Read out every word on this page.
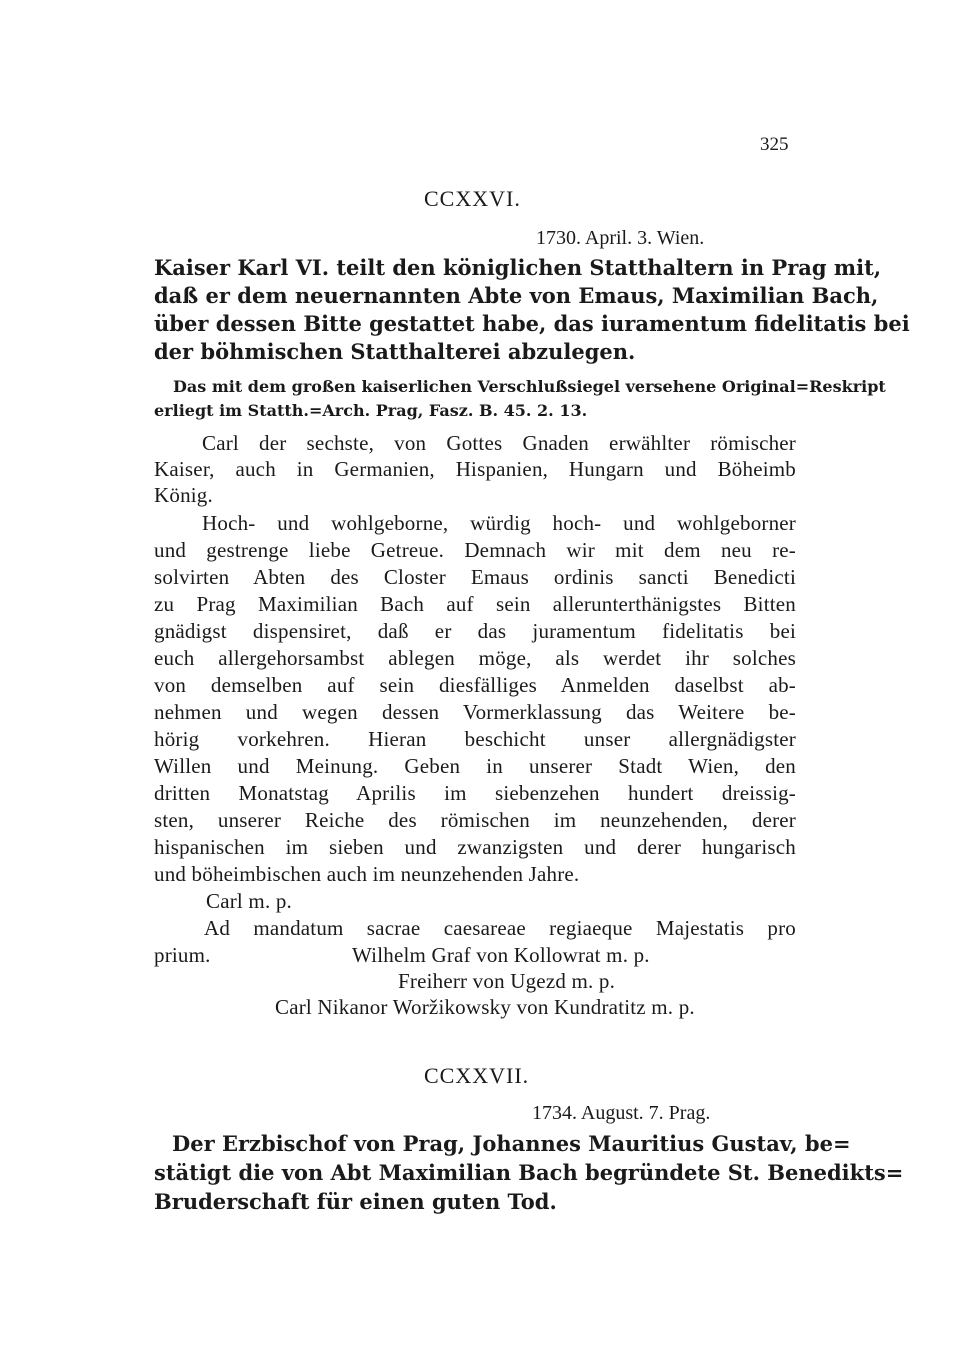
325
CCXXVI.
1730. April. 3. Wien.
Kaiser Karl VI. teilt den königlichen Statthaltern in Prag mit,
daß er dem neuernannten Abte von Emaus, Maximilian Bach,
über dessen Bitte gestattet habe, das iuramentum fidelitatis bei
der böhmischen Statthalterei abzulegen.
Das mit dem großen kaiserlichen Verschlußsiegel versehene Original=Reskript
erliegt im Statth.=Arch. Prag, Fasz. B. 45. 2. 13.
Carl der sechste, von Gottes Gnaden erwählter römischer
Kaiser, auch in Germanien, Hispanien, Hungarn und Böheimb
König.
Hoch- und wohlgeborne, würdig hoch- und wohlgeborner
und gestrenge liebe Getreue. Demnach wir mit dem neu re-
solvirten Abten des Closter Emaus ordinis sancti Benedicti
zu Prag Maximilian Bach auf sein allerunterthänigstes Bitten
gnädigst dispensiret, daß er das juramentum fidelitatis bei
euch allergehorsambst ablegen möge, als werdet ihr solches
von demselben auf sein diesfälliges Anmelden daselbst ab-
nehmen und wegen dessen Vormerklassung das Weitere be-
hörig vorkehren. Hieran beschicht unser allergnädigster
Willen und Meinung. Geben in unserer Stadt Wien, den
dritten Monatstag Aprilis im siebenzehen hundert dreissig-
sten, unserer Reiche des römischen im neunzehenden, derer
hispanischen im sieben und zwanzigsten und derer hungarisch
und böheimbischen auch im neunzehenden Jahre.
Carl m. p.
Ad mandatum sacrae caesareae regiaeque Majestatis pro
prium.	Wilhelm Graf von Kollowrat m. p.
Freiherr von Ugezd m. p.
Carl Nikanor Woržikowsky von Kundratitz m. p.
CCXXVII.
1734. August. 7. Prag.
Der Erzbischof von Prag, Johannes Mauritius Gustav, be=
stätigt die von Abt Maximilian Bach begründete St. Benedikts=
Bruderschaft für einen guten Tod.
